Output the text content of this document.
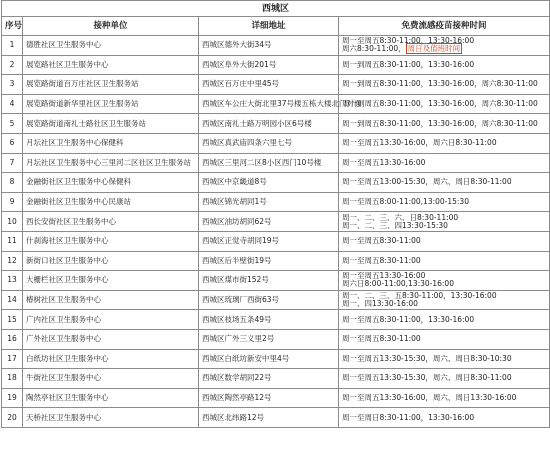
西城区			
序号	接种单位	详细地址	免费流感疫苗接种时间
1	德胜社区卫生服务中心	西城区德外大街34号	周一至周五8:30-11:00，13:30-16:00
周六8:30-11:00， 周日及值班时间

2	展览路社区卫生服务中心	西城区阜外大街201号	周一到周五8:30-11:00，13:30-16:00

3	展览路街道百万庄社区卫生服务站	西城区百万庄中里45号	周一到周五8:30-11:00，13:30-16:00，周六8:30-11:00

4	展览路街道新华里社区卫生服务站	西城区车公庄大街北里37号楼五栋大楼北门对面	周一到周五8:30-11:00，13:30-16:00，周六8:30-11:00

5	展览路街道南礼士路社区卫生服务站	西城区南礼士路万明园小区6号楼	周一到周五8:30-11:00，13:30-16:00，周六8:30-11:00

6	月坛社区卫生服务中心保健科	西城区真武庙四条六里七号	周一至周五13:30-16:00，周六日8:30-11:00

7	月坛社区卫生服务中心三里河二区社区卫生服务站	西城区三里河二区8小区西门10号楼	周一至周五13:30-16:00

8	金融街社区卫生服务中心保健科	西城区中京畿道8号	周一至周五13:00-15:30，周六、周日8:30-11:00

9	金融街社区卫生服务中心民康站	西城区锦光胡同1号	周一至周五8:00-11:00,13:00-15:30

10	西长安街社区卫生服务中心	西城区油坊胡同62号	周一、二、三、六、日8:30-11:00
周一、二、三、四13:30-15:30

11	什刹海社区卫生服务中心	西城区正觉寺胡同19号	周一至周五8:30-11:00

12	新街口社区卫生服务中心	西城区后半壁街19号	周一至周五8:30-11:00

13	大栅栏社区卫生服务中心	西城区煤市街152号	周一至周五13:30-16:00
周六日8:00-11:00,13:30-16:00

14	椿树社区卫生服务中心	西城区琉璃厂西街63号	周一、二、三、五8:30-11:00，13:30-16:00
周一、四13:30-16:00

15	广内社区卫生服务中心	西城区枝场五条49号	周一至周五8:30-11:00，13:30-16:00

16	广外社区卫生服务中心	西城区广外三义里2号	周一至周五8:30-11:00

17	白纸坊社区卫生服务中心	西城区白纸坊新安中里4号	周一至周五13:30-15:30，周六、周日8:30-10:30

18	牛街社区卫生服务中心	西城区数学胡同22号	周一至周五13:30-15:30，周六、周日8:30-11:00

19	陶然亭社区卫生服务中心	西城区陶然亭路12号	周一至周五13:30-16:00，周六、周日13:30-16:00

20	天桥社区卫生服务中心	西城区北纬路12号	周一至周日8:30-11:00，13:30-16:00
